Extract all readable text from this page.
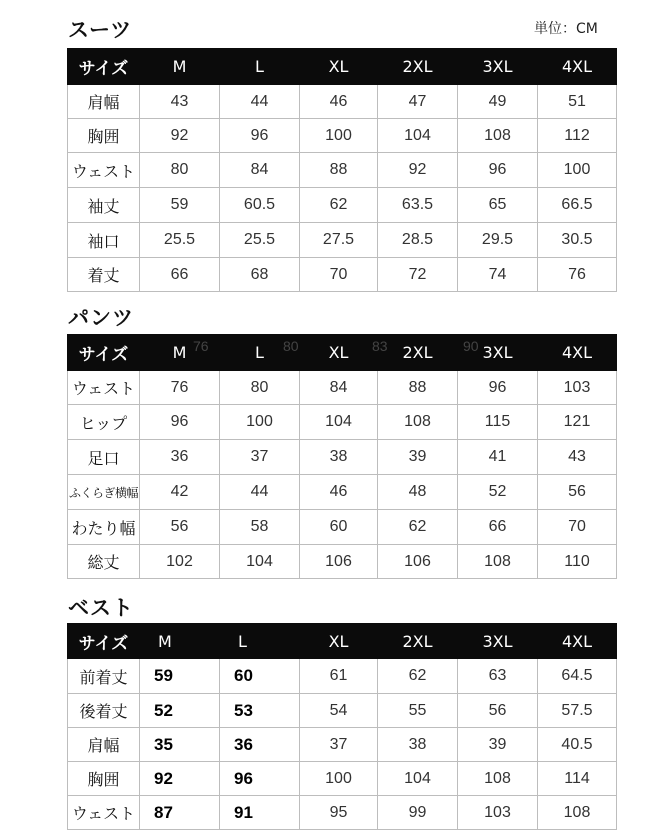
スーツ	単位：CM
サイズ	M	L	XL	2XL	3XL	4XL
肩幅	43	44	46	47	49	51
胸囲	92	96	100	104	108	112
ウェスト	80	84	88	92	96	100
袖丈	59	60.5	62	63.5	65	66.5
袖口	25.5	25.5	27.5	28.5	29.5	30.5
着丈	66	68	70	72	74	76
パンツ
サイズ	M	L	XL	2XL	3XL	4XL
ウェスト	76	80	84	88	96	103
ヒップ	96	100	104	108	115	121
足口	36	37	38	39	41	43
ふくらぎ横幅	42	44	46	48	52	56
わたり幅	56	58	60	62	66	70
総丈	102	104	106	106	108	110
76	80	83	90
ベスト
サイズ	M	L	XL	2XL	3XL	4XL
前着丈	59	60	61	62	63	64.5
後着丈	52	53	54	55	56	57.5
肩幅	35	36	37	38	39	40.5
胸囲	92	96	100	104	108	114
ウェスト	87	91	95	99	103	108
